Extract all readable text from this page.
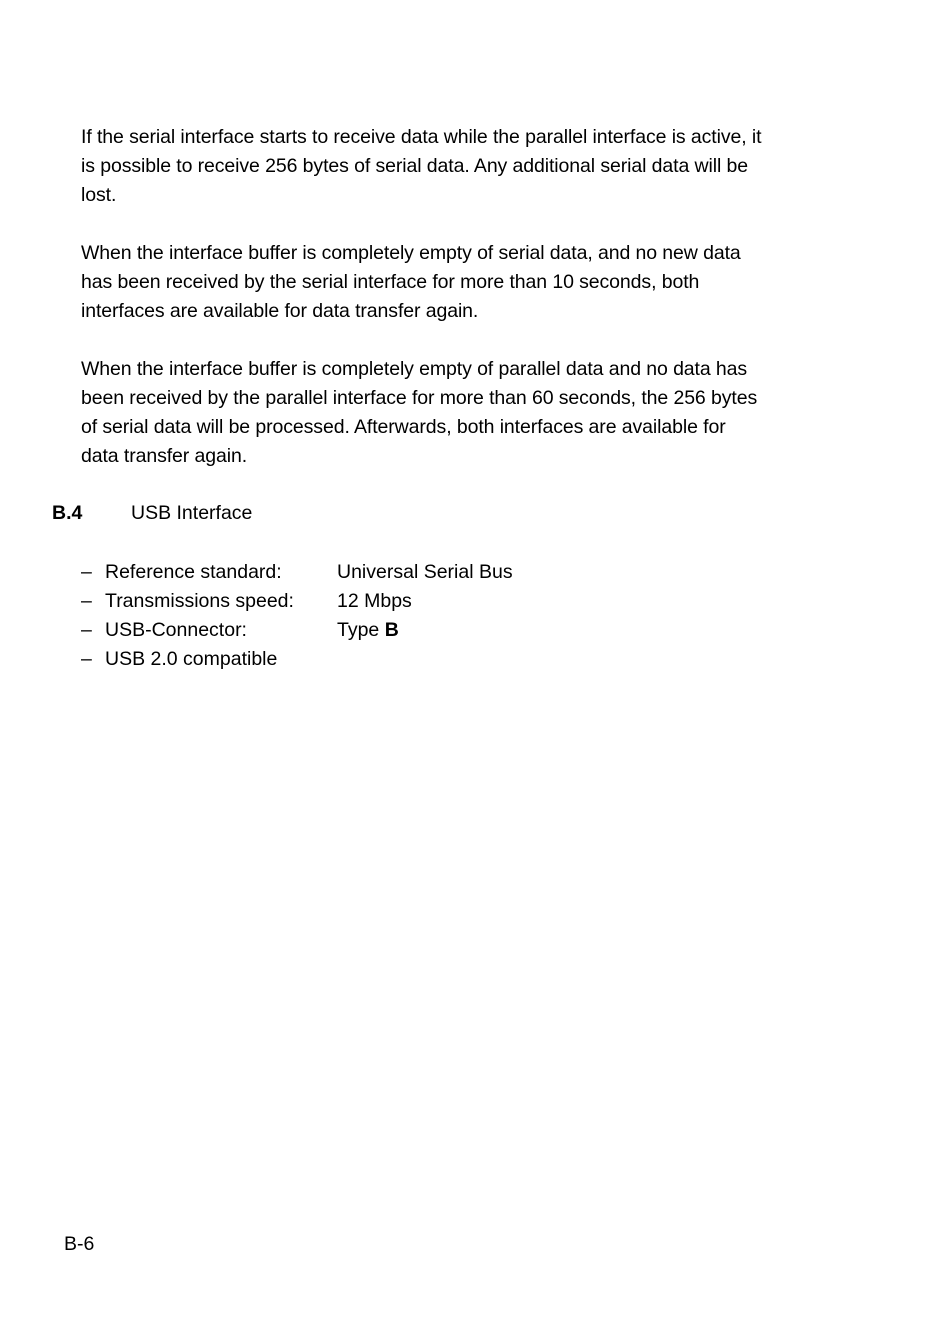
If the serial interface starts to receive data while the parallel interface is active, it
is possible to receive 256 bytes of serial data. Any additional serial data will be
lost.

When the interface buffer is completely empty of serial data, and no new data
has been received by the serial interface for more than 10 seconds, both
interfaces are available for data transfer again.

When the interface buffer is completely empty of parallel data and no data has
been received by the parallel interface for more than 60 seconds, the 256 bytes
of serial data will be processed. Afterwards, both interfaces are available for
data transfer again.

B.4 USB Interface
– Reference standard:	Universal Serial Bus
– Transmissions speed: 12 Mbps
– USB-Connector:	Type B
– USB 2.0 compatible
B-6
